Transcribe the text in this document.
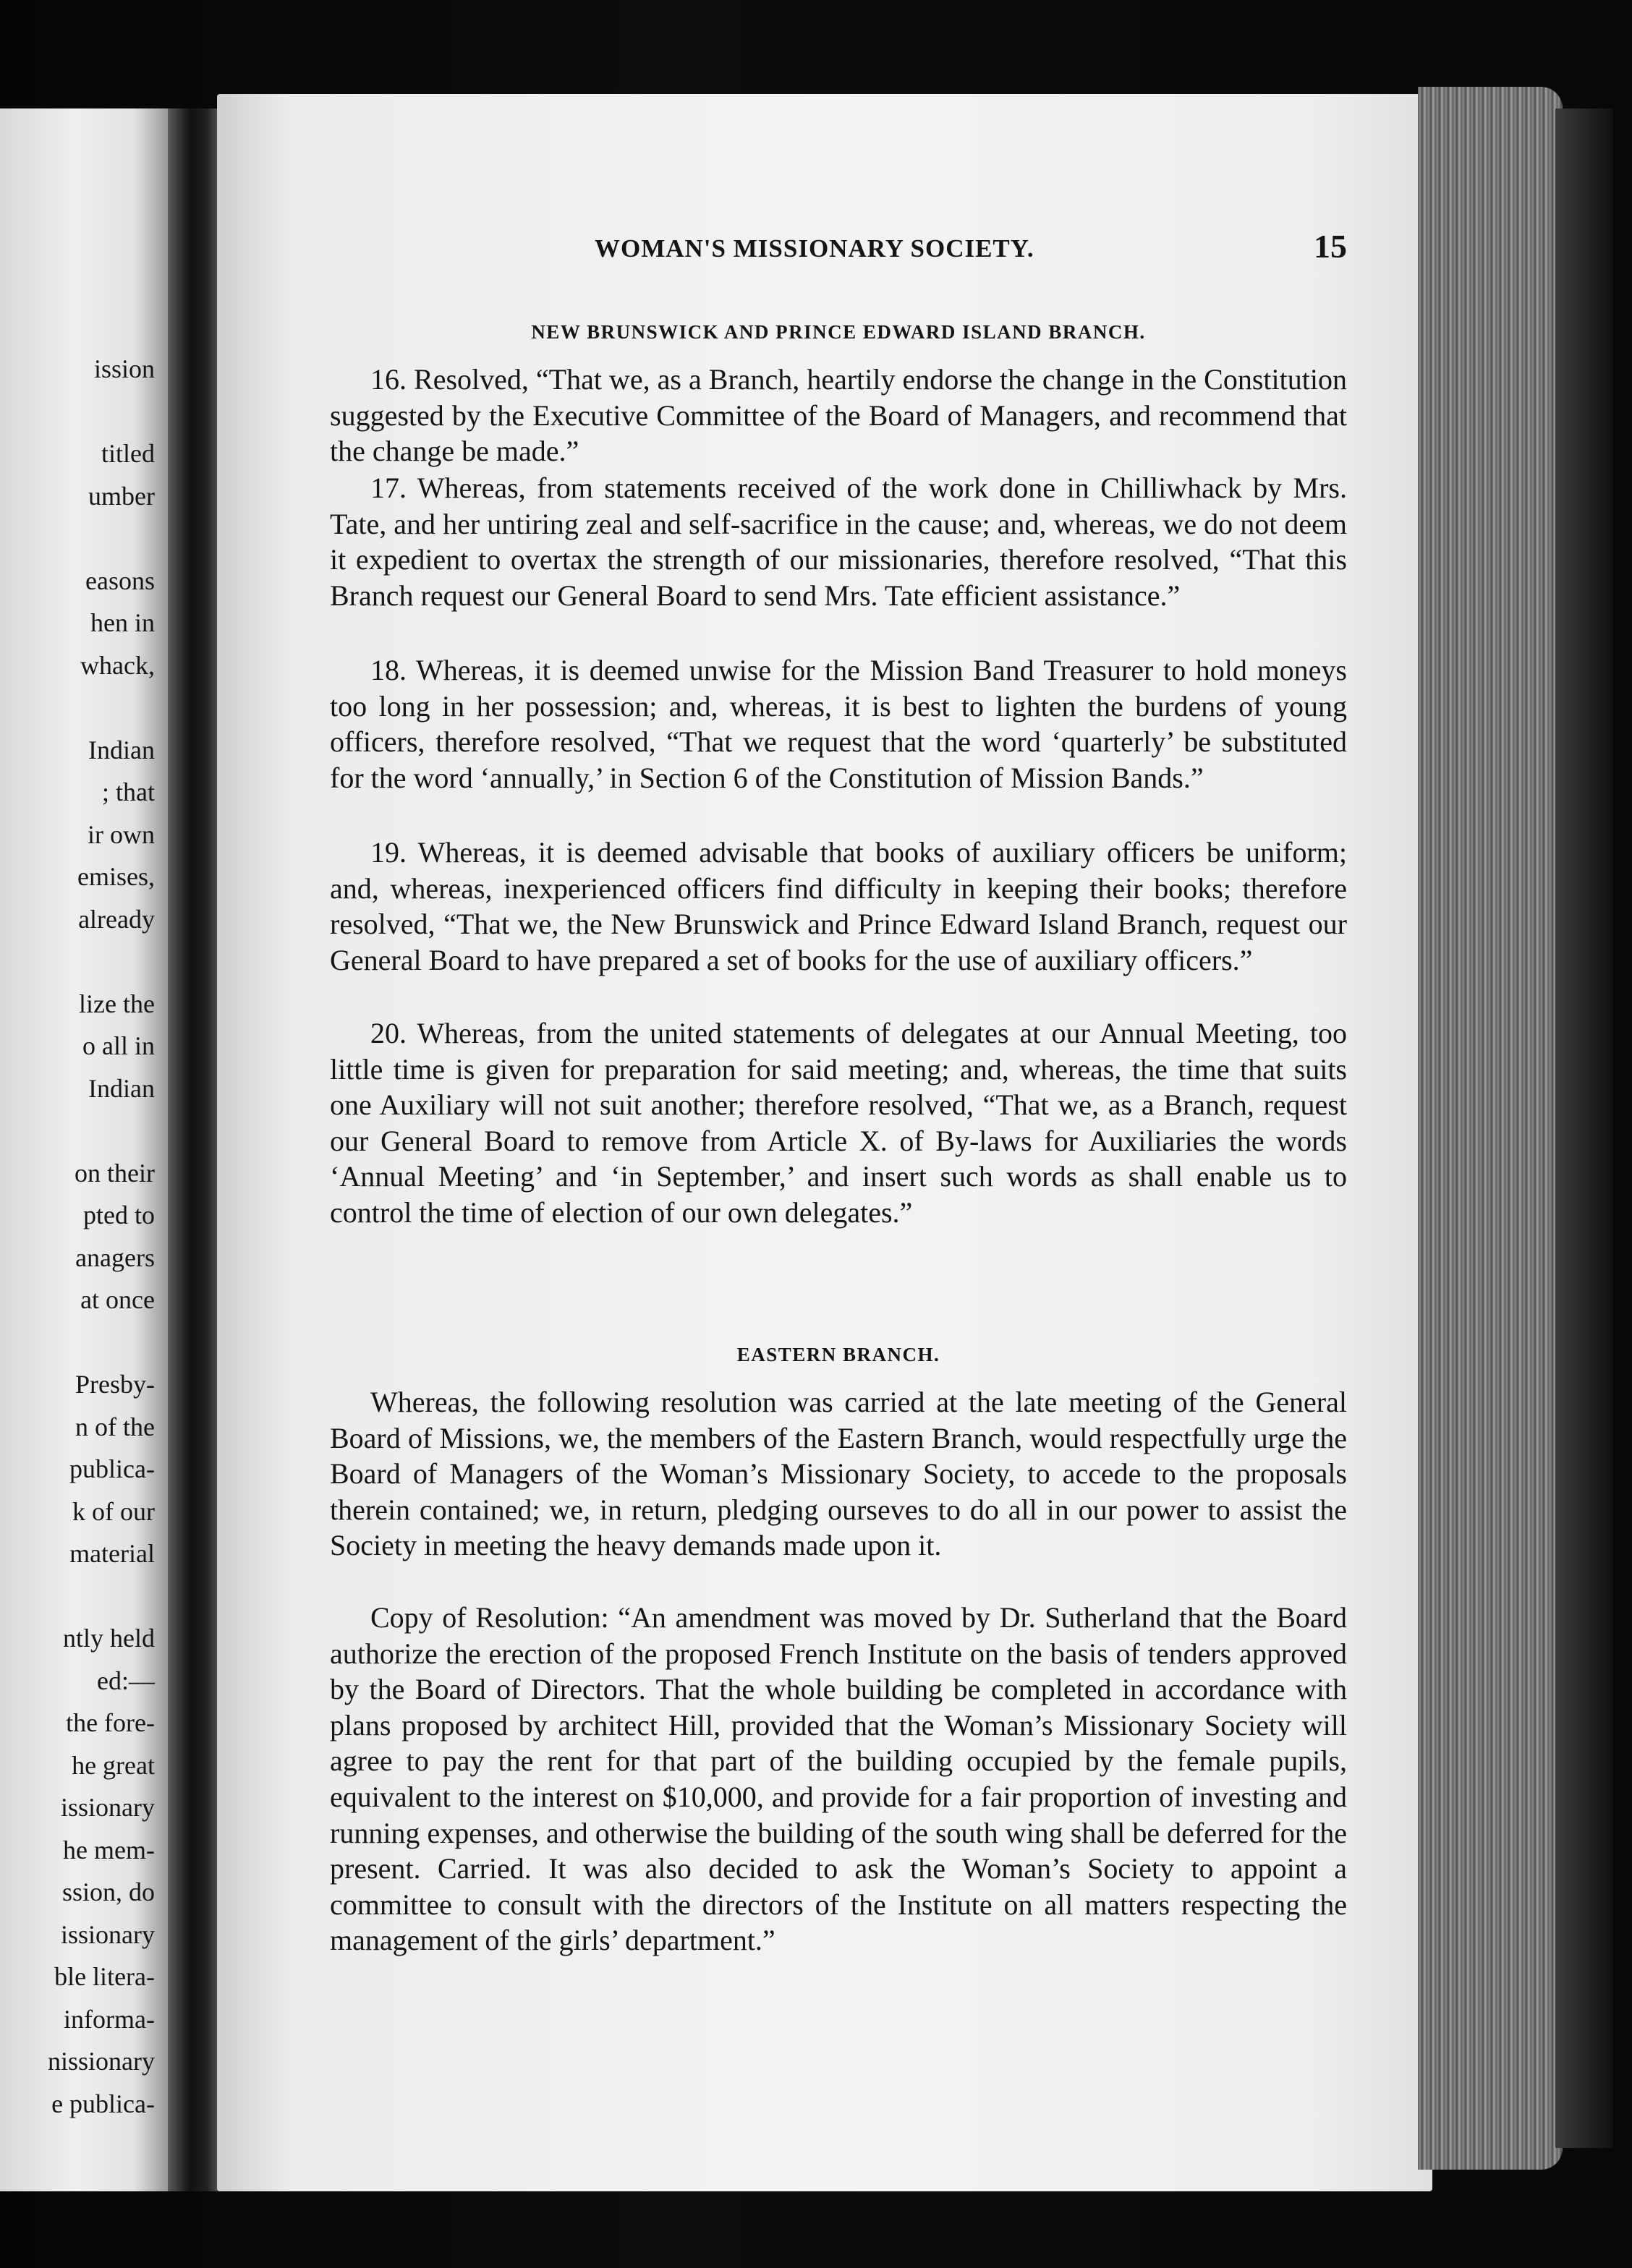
ission
titled
umber
easons
hen in
whack,
Indian
; that
ir own
emises,
already
lize the
o all in
Indian
on their
pted to
anagers
at once
Presby-
n of the
publica-
k of our
material
ntly held
ed:—
the fore-
he great
issionary
he mem-
ssion, do
issionary
ble litera-
informa-
nissionary
e publica-
WOMAN'S MISSIONARY SOCIETY.	15
NEW BRUNSWICK AND PRINCE EDWARD ISLAND BRANCH.

16. Resolved, “That we, as a Branch, heartily endorse the change in the Constitution suggested by the Executive Committee of the Board of Managers, and recommend that the change be made.”

17. Whereas, from statements received of the work done in Chilliwhack by Mrs. Tate, and her untiring zeal and self-sacrifice in the cause; and, whereas, we do not deem it expedient to overtax the strength of our missionaries, therefore resolved, “That this Branch request our General Board to send Mrs. Tate efficient assistance.”

18. Whereas, it is deemed unwise for the Mission Band Treasurer to hold moneys too long in her possession; and, whereas, it is best to lighten the burdens of young officers, therefore resolved, “That we request that the word ‘quarterly’ be substituted for the word ‘annually,’ in Section 6 of the Constitution of Mission Bands.”

19. Whereas, it is deemed advisable that books of auxiliary officers be uniform; and, whereas, inexperienced officers find difficulty in keeping their books; therefore resolved, “That we, the New Brunswick and Prince Edward Island Branch, request our General Board to have prepared a set of books for the use of auxiliary officers.”

20. Whereas, from the united statements of delegates at our Annual Meeting, too little time is given for preparation for said meeting; and, whereas, the time that suits one Auxiliary will not suit another; therefore resolved, “That we, as a Branch, request our General Board to remove from Article X. of By-laws for Auxiliaries the words ‘Annual Meeting’ and ‘in September,’ and insert such words as shall enable us to control the time of election of our own delegates.”

EASTERN BRANCH.

Whereas, the following resolution was carried at the late meeting of the General Board of Missions, we, the members of the Eastern Branch, would respectfully urge the Board of Managers of the Woman’s Missionary Society, to accede to the proposals therein contained; we, in return, pledging ourseves to do all in our power to assist the Society in meeting the heavy demands made upon it.

Copy of Resolution: “An amendment was moved by Dr. Sutherland that the Board authorize the erection of the proposed French Institute on the basis of tenders approved by the Board of Directors. That the whole building be completed in accordance with plans proposed by architect Hill, provided that the Woman’s Missionary Society will agree to pay the rent for that part of the building occupied by the female pupils, equivalent to the interest on $10,000, and provide for a fair proportion of investing and running expenses, and otherwise the building of the south wing shall be deferred for the present. Carried. It was also decided to ask the Woman’s Society to appoint a committee to consult with the directors of the Institute on all matters respecting the management of the girls’ department.”
